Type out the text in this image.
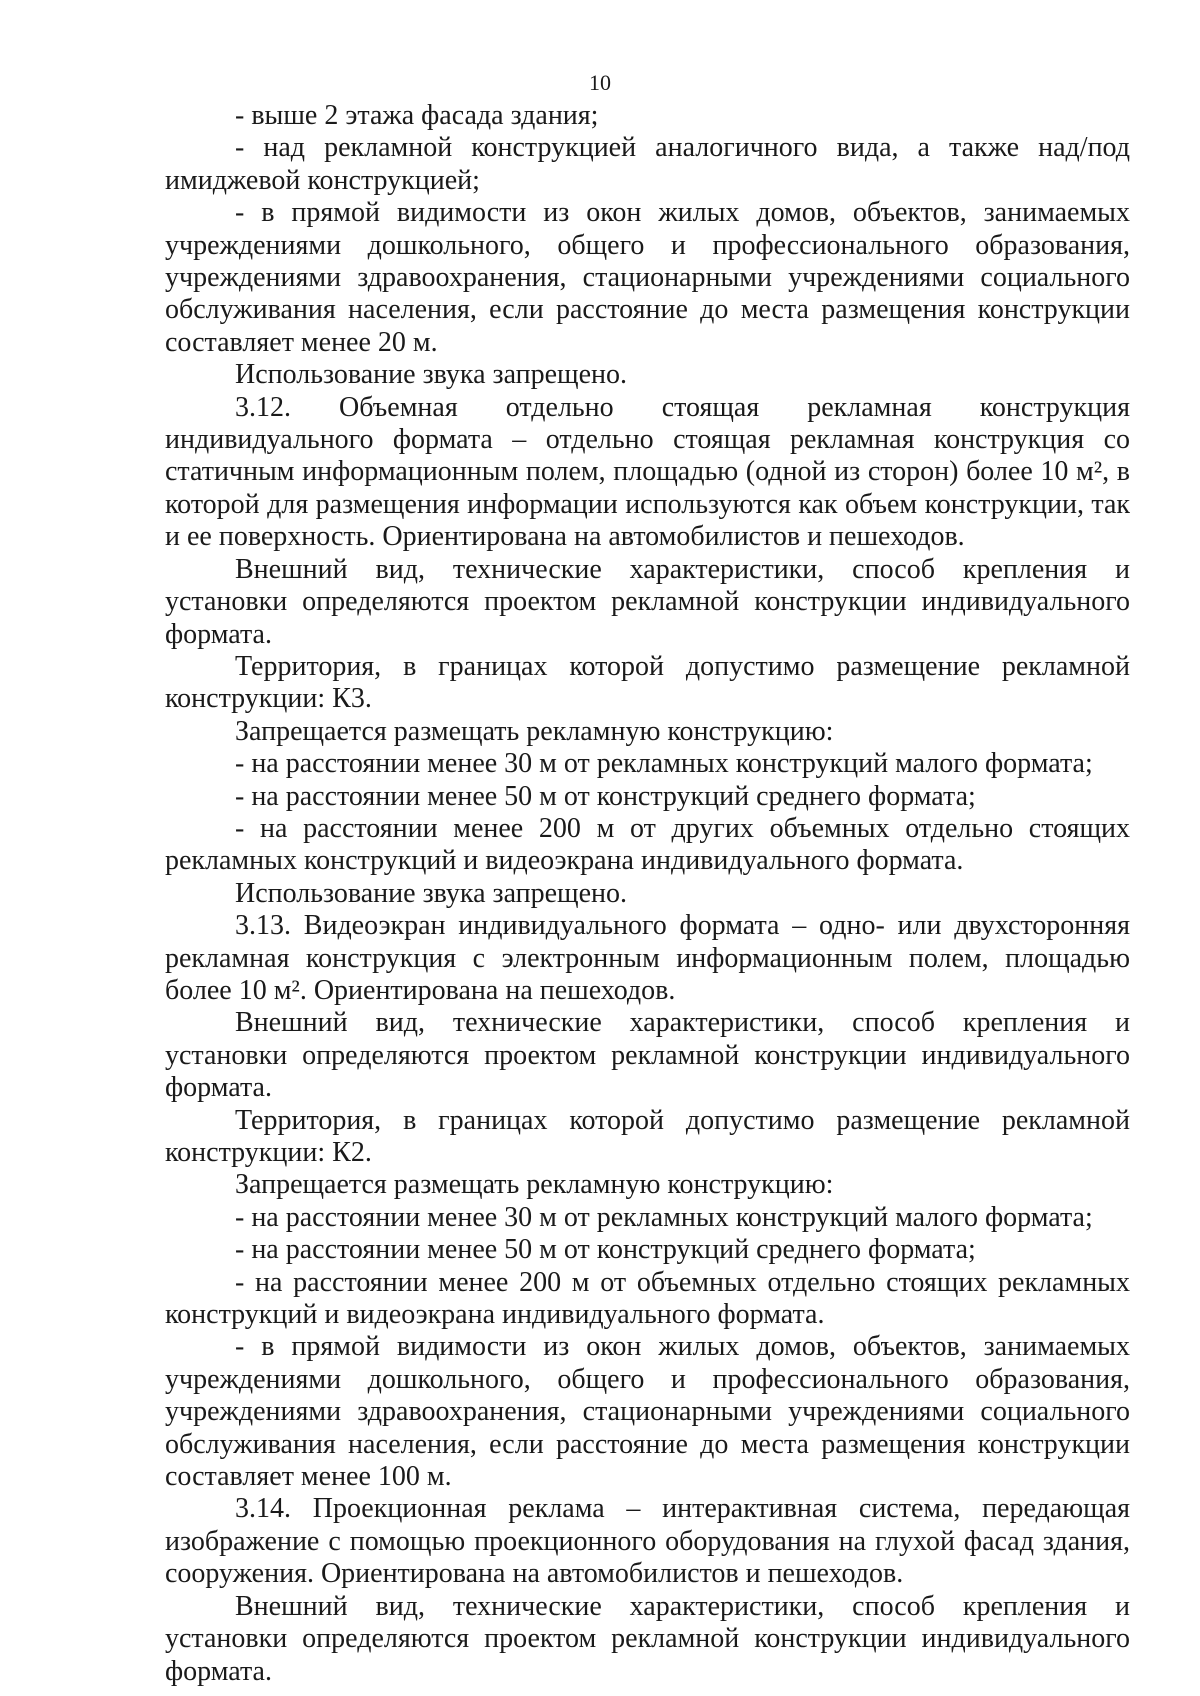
10

- выше 2 этажа фасада здания;

- над рекламной конструкцией аналогичного вида, а также над/под имиджевой конструкцией;

- в прямой видимости из окон жилых домов, объектов, занимаемых учреждениями дошкольного, общего и профессионального образования, учреждениями здравоохранения, стационарными учреждениями социального обслуживания населения, если расстояние до места размещения конструкции составляет менее 20 м.

Использование звука запрещено.

3.12. Объемная отдельно стоящая рекламная конструкция индивидуального формата – отдельно стоящая рекламная конструкция со статичным информационным полем, площадью (одной из сторон) более 10 м², в которой для размещения информации используются как объем конструкции, так и ее поверхность. Ориентирована на автомобилистов и пешеходов.

Внешний вид, технические характеристики, способ крепления и установки определяются проектом рекламной конструкции индивидуального формата.

Территория, в границах которой допустимо размещение рекламной конструкции: К3.

Запрещается размещать рекламную конструкцию:

- на расстоянии менее 30 м от рекламных конструкций малого формата;

- на расстоянии менее 50 м от конструкций среднего формата;

- на расстоянии менее 200 м от других объемных отдельно стоящих рекламных конструкций и видеоэкрана индивидуального формата.

Использование звука запрещено.

3.13. Видеоэкран индивидуального формата – одно- или двухсторонняя рекламная конструкция с электронным информационным полем, площадью более 10 м². Ориентирована на пешеходов.

Внешний вид, технические характеристики, способ крепления и установки определяются проектом рекламной конструкции индивидуального формата.

Территория, в границах которой допустимо размещение рекламной конструкции: К2.

Запрещается размещать рекламную конструкцию:

- на расстоянии менее 30 м от рекламных конструкций малого формата;

- на расстоянии менее 50 м от конструкций среднего формата;

- на расстоянии менее 200 м от объемных отдельно стоящих рекламных конструкций и видеоэкрана индивидуального формата.

- в прямой видимости из окон жилых домов, объектов, занимаемых учреждениями дошкольного, общего и профессионального образования, учреждениями здравоохранения, стационарными учреждениями социального обслуживания населения, если расстояние до места размещения конструкции составляет менее 100 м.

3.14. Проекционная реклама – интерактивная система, передающая изображение с помощью проекционного оборудования на глухой фасад здания, сооружения. Ориентирована на автомобилистов и пешеходов.

Внешний вид, технические характеристики, способ крепления и установки определяются проектом рекламной конструкции индивидуального формата.
